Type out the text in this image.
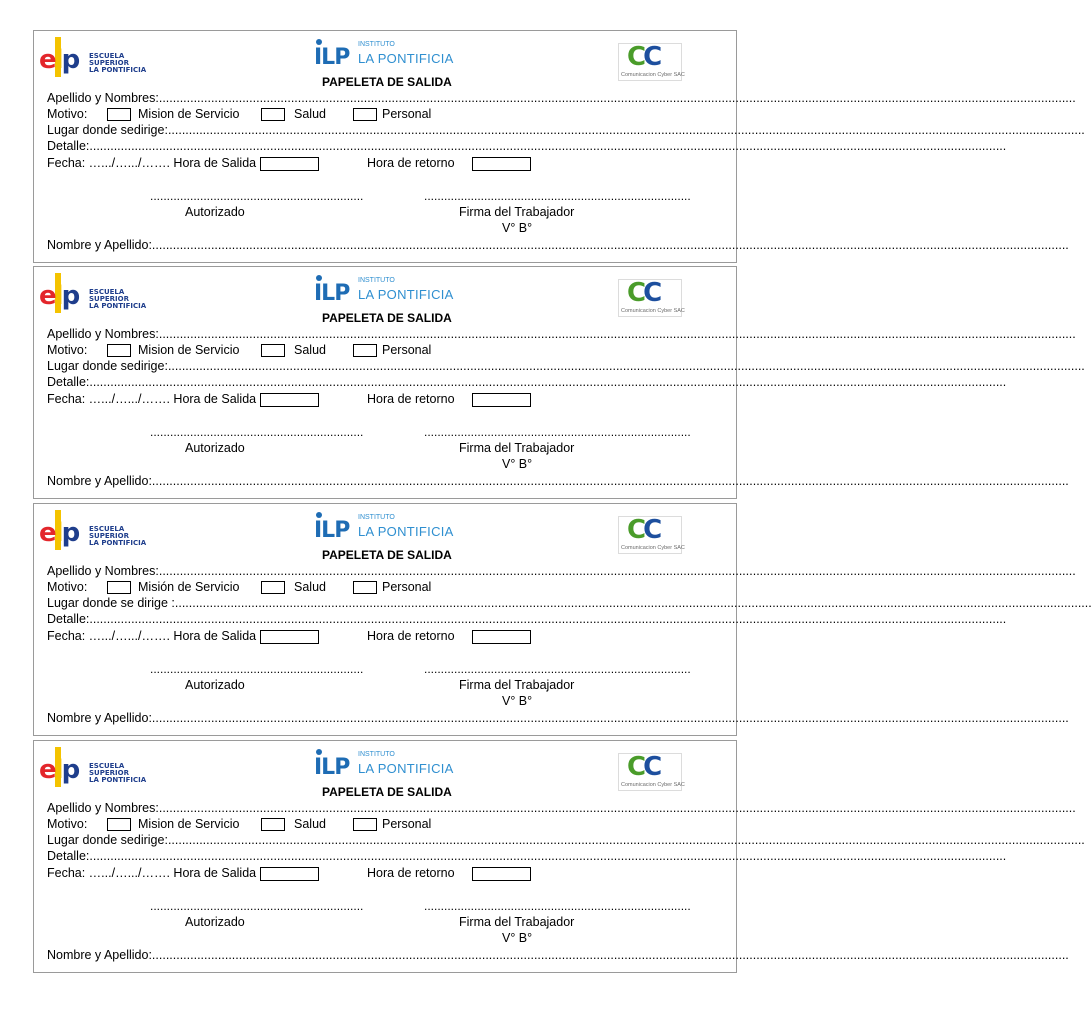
elp ESCUELA
SUPERIOR
LA PONTIFICIA	ILP
INSTITUTO
LA PONTIFICIA	CC
Comunicacion Cyber SAC
PAPELETA DE SALIDA
Apellido y Nombres:
.....
Motivo:	Mision de Servicio	Salud	Personal
Lugar donde sedirige:
.....
Detalle:
.....
Fecha: ….../….../……. Hora de Salida	Hora de retorno
................................................................	................................................................................
Autorizado	Firma del Trabajador
V° B°
Nombre y Apellido:
.....
elp ESCUELA
SUPERIOR
LA PONTIFICIA	ILP
INSTITUTO
LA PONTIFICIA	CC
Comunicacion Cyber SAC
PAPELETA DE SALIDA
Apellido y Nombres:
.....
Motivo:	Mision de Servicio	Salud	Personal
Lugar donde sedirige:
.....
Detalle:
.....
Fecha: ….../….../……. Hora de Salida	Hora de retorno
................................................................	................................................................................
Autorizado	Firma del Trabajador
V° B°
Nombre y Apellido:
.....
elp ESCUELA
SUPERIOR
LA PONTIFICIA	ILP
INSTITUTO
LA PONTIFICIA	CC
Comunicacion Cyber SAC
PAPELETA DE SALIDA
Apellido y Nombres:
.....
Motivo:	Misión de Servicio	Salud	Personal
Lugar donde se dirige :
.....
Detalle:
.....
Fecha: ….../….../……. Hora de Salida	Hora de retorno
................................................................	................................................................................
Autorizado	Firma del Trabajador
V° B°
Nombre y Apellido:
.....
elp ESCUELA
SUPERIOR
LA PONTIFICIA	ILP
INSTITUTO
LA PONTIFICIA	CC
Comunicacion Cyber SAC
PAPELETA DE SALIDA
Apellido y Nombres:
.....
Motivo:	Mision de Servicio	Salud	Personal
Lugar donde sedirige:
.....
Detalle:
.....
Fecha: ….../….../……. Hora de Salida	Hora de retorno
................................................................	................................................................................
Autorizado	Firma del Trabajador
V° B°
Nombre y Apellido:
.....
